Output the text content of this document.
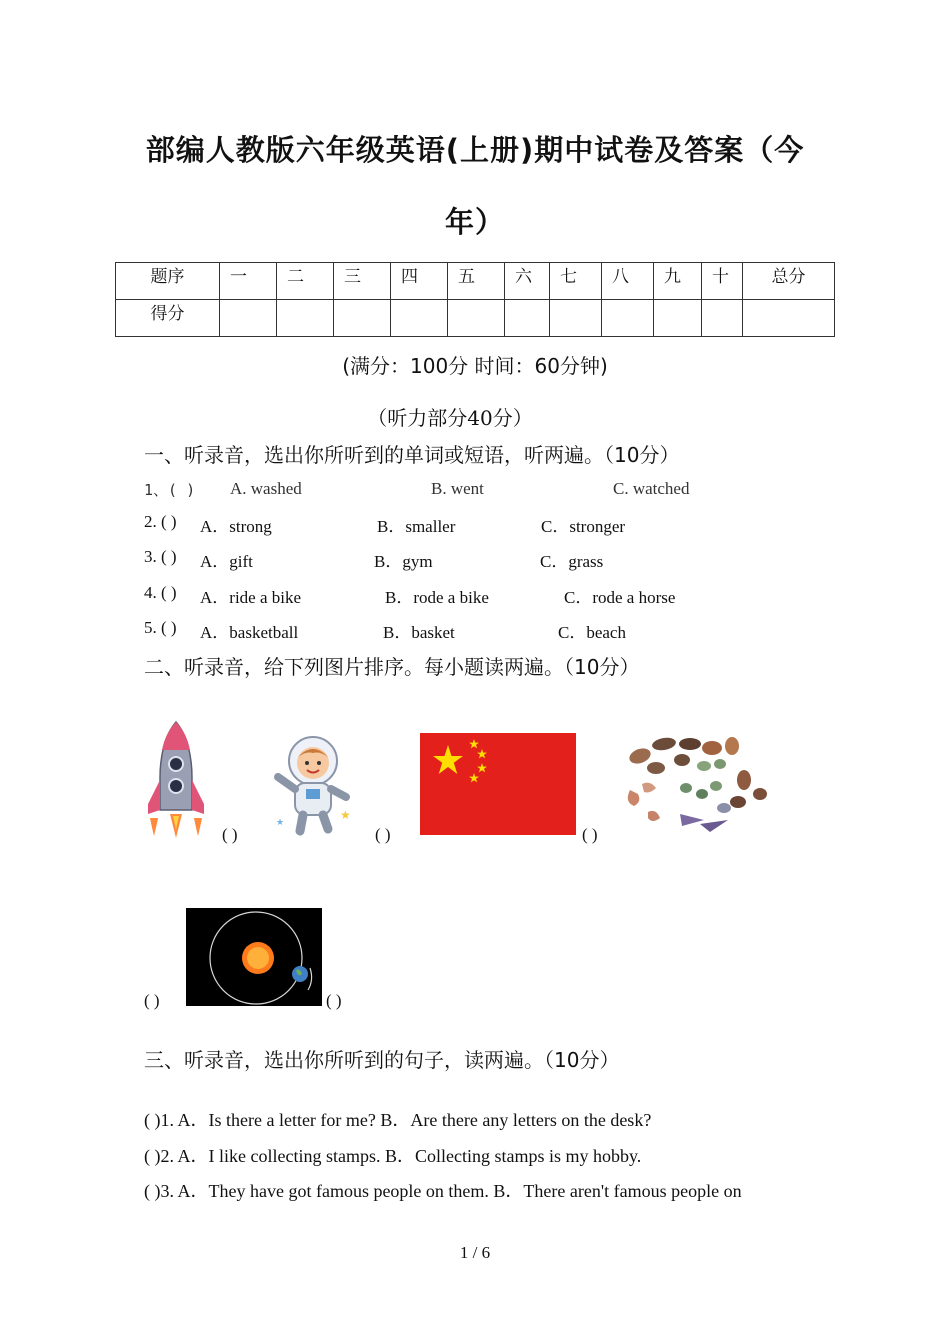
部编人教版六年级英语(上册)期中试卷及答案（今
年）
题序	一	二	三	四	五	六	七	八	九	十	总分
得分											
(满分：100分 时间：60分钟)
（听力部分40分）
一、听录音，选出你所听到的单词或短语，听两遍。（10分）
1、( ) A. washed	B. went	C. watched
2. ( ) A．strong	B．smaller	C．stronger
3. ( ) A．gift	B．gym	C．grass
4. ( ) A．ride a bike	B．rode a bike	C．rode a horse
5. ( ) A．basketball	B．basket	C．beach
二、听录音，给下列图片排序。每小题读两遍。（10分）
( )
★
★
( )	( )
( )	( )
三、听录音，选出你所听到的句子，读两遍。（10分）
( )1. A．Is there a letter for me? B．Are there any letters on the desk?
( )2. A．I like collecting stamps. B．Collecting stamps is my hobby.
( )3. A．They have got famous people on them. B．There aren't famous people on
1 / 6
